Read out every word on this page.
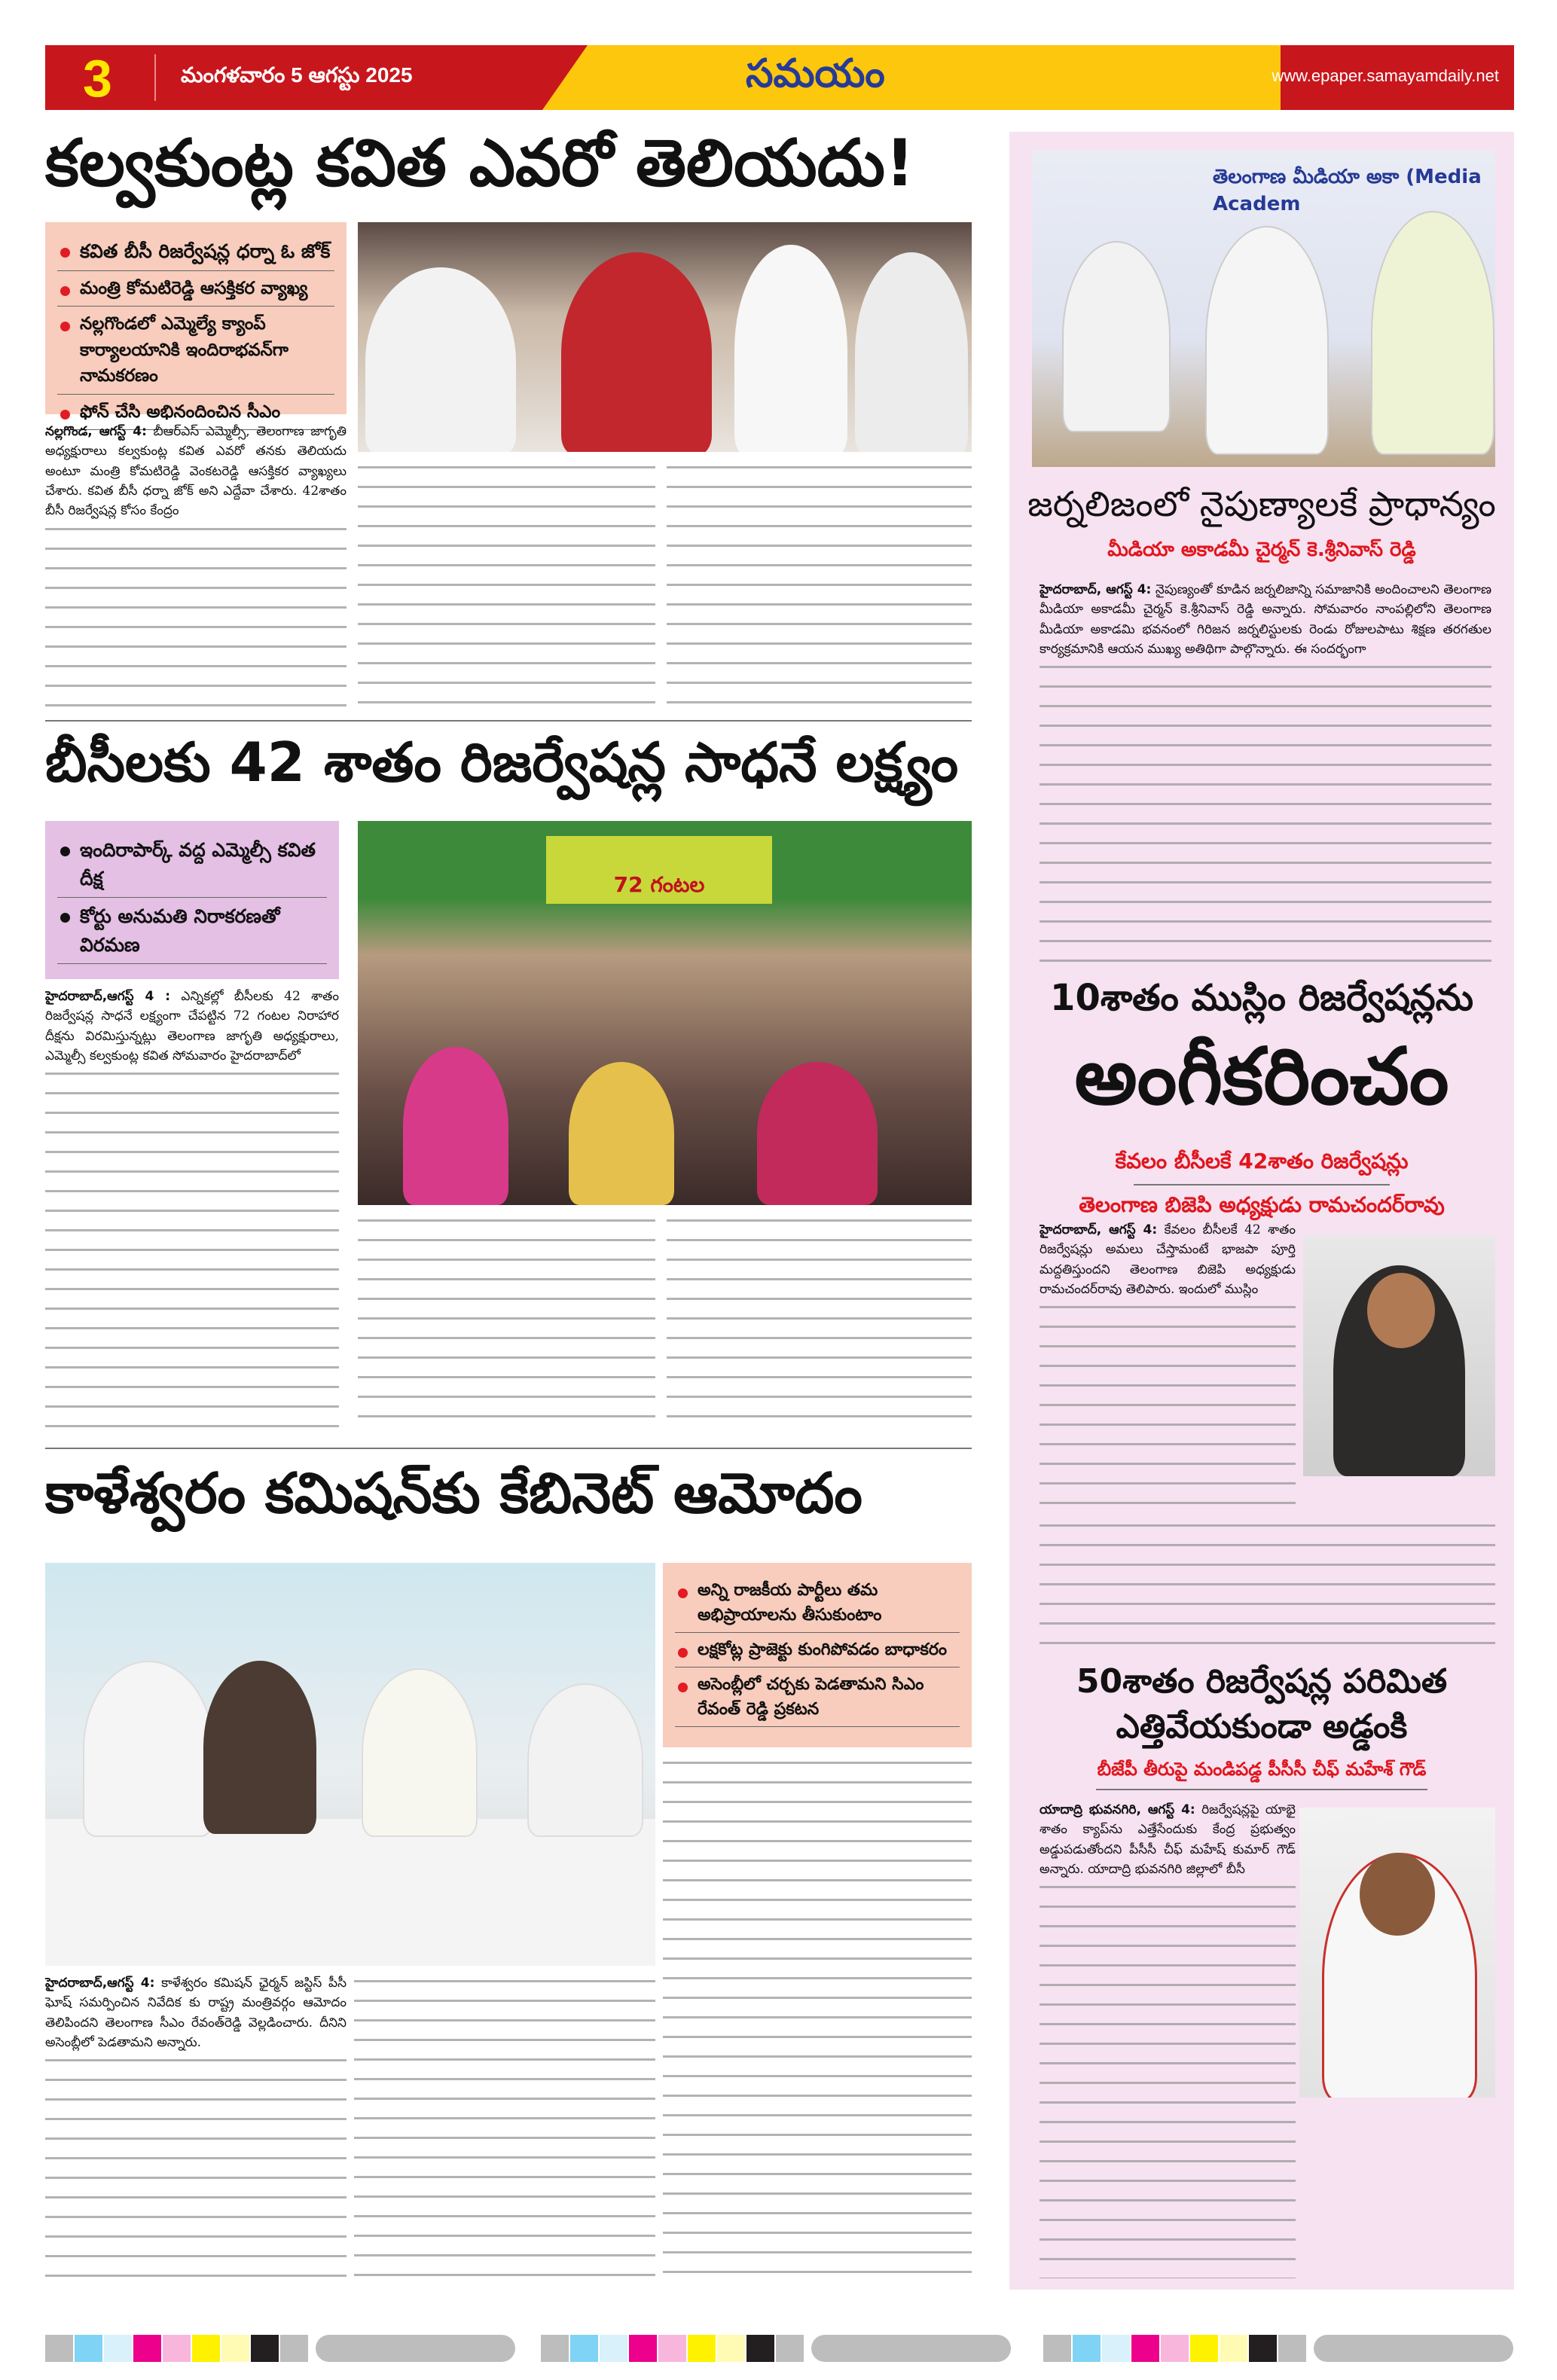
3	మంగళవారం 5 ఆగస్టు 2025	సమయం	www.epaper.samayamdaily.net
కల్వకుంట్ల కవిత ఎవరో తెలియదు!
కవిత బీసీ రిజర్వేషన్ల ధర్నా ఓ జోక్
మంత్రి కోమటిరెడ్డి ఆసక్తికర వ్యాఖ్య
నల్లగొండలో ఎమ్మెల్యే క్యాంప్ కార్యాలయానికి ఇందిరాభవన్‌గా నామకరణం
ఫోన్ చేసి అభినందించిన సీఎం
నల్లగొండ, ఆగస్ట్ 4: బీఆర్ఎస్ ఎమ్మెల్సీ, తెలంగాణ జాగృతి అధ్యక్షురాలు కల్వకుంట్ల కవిత ఎవరో తనకు తెలియదు అంటూ మంత్రి కోమటిరెడ్డి వెంకటరెడ్డి ఆసక్తికర వ్యాఖ్యలు చేశారు. కవిత బీసీ ధర్నా జోక్ అని ఎద్దేవా చేశారు. 42శాతం బీసీ రిజర్వేషన్ల కోసం కేంద్రం
బీసీలకు 42 శాతం రిజర్వేషన్ల సాధనే లక్ష్యం
ఇందిరాపార్క్ వద్ద ఎమ్మెల్సీ కవిత దీక్ష
కోర్టు అనుమతి నిరాకరణతో విరమణ
72 గంటల
హైదరాబాద్,ఆగస్ట్ 4 : ఎన్నికల్లో బీసీలకు 42 శాతం రిజర్వేషన్ల సాధనే లక్ష్యంగా చేపట్టిన 72 గంటల నిరాహార దీక్షను విరమిస్తున్నట్లు తెలంగాణ జాగృతి అధ్యక్షురాలు, ఎమ్మెల్సీ కల్వకుంట్ల కవిత సోమవారం హైదరాబాద్‌లో
కాళేశ్వరం కమిషన్‌కు కేబినెట్ ఆమోదం
అన్ని రాజకీయ పార్టీలు తమ అభిప్రాయాలను తీసుకుంటాం
లక్షకోట్ల ప్రాజెక్టు కుంగిపోవడం బాధాకరం
అసెంబ్లీలో చర్చకు పెడతామని సిఎం రేవంత్ రెడ్డి ప్రకటన
హైదరాబాద్,ఆగస్ట్ 4: కాళేశ్వరం కమిషన్ ఛైర్మన్ జస్టిస్ పీసీ ఘోష్ సమర్పించిన నివేదిక కు రాష్ట్ర మంత్రివర్గం ఆమోదం తెలిపిందని తెలంగాణ సీఎం రేవంత్‌రెడ్డి వెల్లడించారు. దీనిని అసెంబ్లీలో పెడతామని అన్నారు.
తెలంగాణ మీడియా అకా (Media Academ
జర్నలిజంలో నైపుణ్యాలకే ప్రాధాన్యం
మీడియా అకాడమీ చైర్మన్ కె.శ్రీనివాస్ రెడ్డి
హైదరాబాద్, ఆగస్ట్ 4: నైపుణ్యంతో కూడిన జర్నలిజాన్ని సమాజానికి అందించాలని తెలంగాణ మీడియా అకాడమీ చైర్మన్ కె.శ్రీనివాస్ రెడ్డి అన్నారు. సోమవారం నాంపల్లిలోని తెలంగాణ మీడియా అకాడమి భవనంలో గిరిజన జర్నలిస్టులకు రెండు రోజులపాటు శిక్షణ తరగతుల కార్యక్రమానికి ఆయన ముఖ్య అతిథిగా పాల్గొన్నారు. ఈ సందర్భంగా
10శాతం ముస్లిం రిజర్వేషన్లను
అంగీకరించం
కేవలం బీసీలకే 42శాతం రిజర్వేషన్లు
తెలంగాణ బిజెపి అధ్యక్షుడు రామచందర్‌రావు
హైదరాబాద్, ఆగస్ట్ 4: కేవలం బీసీలకే 42 శాతం రిజర్వేషన్లు అమలు చేస్తామంటే భాజపా పూర్తి మద్దతిస్తుందని తెలంగాణ బిజెపి అధ్యక్షుడు రామచందర్‌రావు తెలిపారు. ఇందులో ముస్లిం
50శాతం రిజర్వేషన్ల పరిమిత
ఎత్తివేయకుండా అడ్డంకి
బీజేపీ తీరుపై మండిపడ్డ పీసీసీ చీఫ్ మహేశ్ గౌడ్
యాదాద్రి భువనగిరి, ఆగస్ట్ 4: రిజర్వేషన్లపై యాభై శాతం క్యాప్‌ను ఎత్తేసేందుకు కేంద్ర ప్రభుత్వం అడ్డుపడుతోందని పీసీసీ చీఫ్ మహేష్ కుమార్ గౌడ్ అన్నారు. యాదాద్రి భువనగిరి జిల్లాలో బీసీ
